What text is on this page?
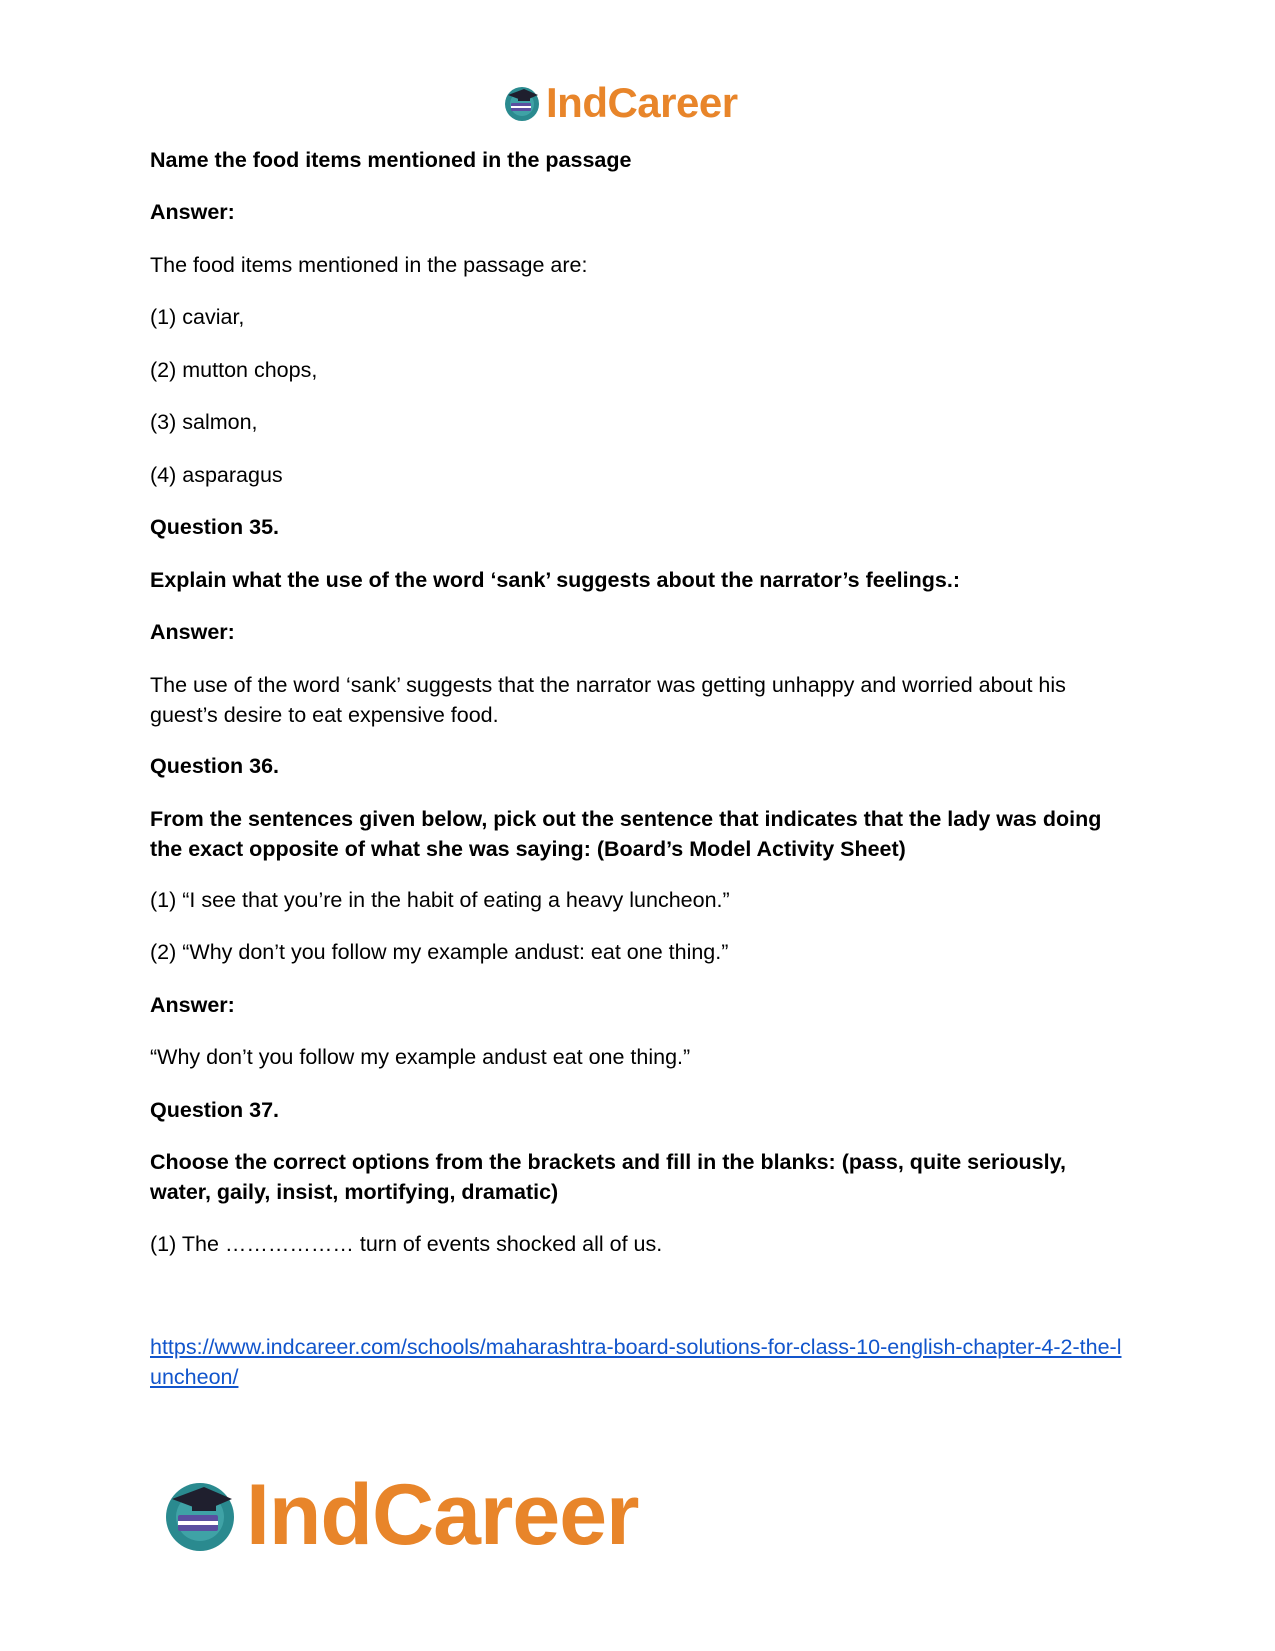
IndCareer

Name the food items mentioned in the passage

Answer:

The food items mentioned in the passage are:

(1) caviar,

(2) mutton chops,

(3) salmon,

(4) asparagus

Question 35.

Explain what the use of the word ‘sank’ suggests about the narrator’s feelings.:

Answer:

The use of the word ‘sank’ suggests that the narrator was getting unhappy and worried about his guest’s desire to eat expensive food.

Question 36.

From the sentences given below, pick out the sentence that indicates that the lady was doing the exact opposite of what she was saying: (Board’s Model Activity Sheet)

(1) “I see that you’re in the habit of eating a heavy luncheon.”

(2) “Why don’t you follow my example andust: eat one thing.”

Answer:

“Why don’t you follow my example andust eat one thing.”

Question 37.

Choose the correct options from the brackets and fill in the blanks: (pass, quite seriously, water, gaily, insist, mortifying, dramatic)

(1) The ……………… turn of events shocked all of us.

https://www.indcareer.com/schools/maharashtra-board-solutions-for-class-10-english-chapter-4-2-the-luncheon/
IndCareer
